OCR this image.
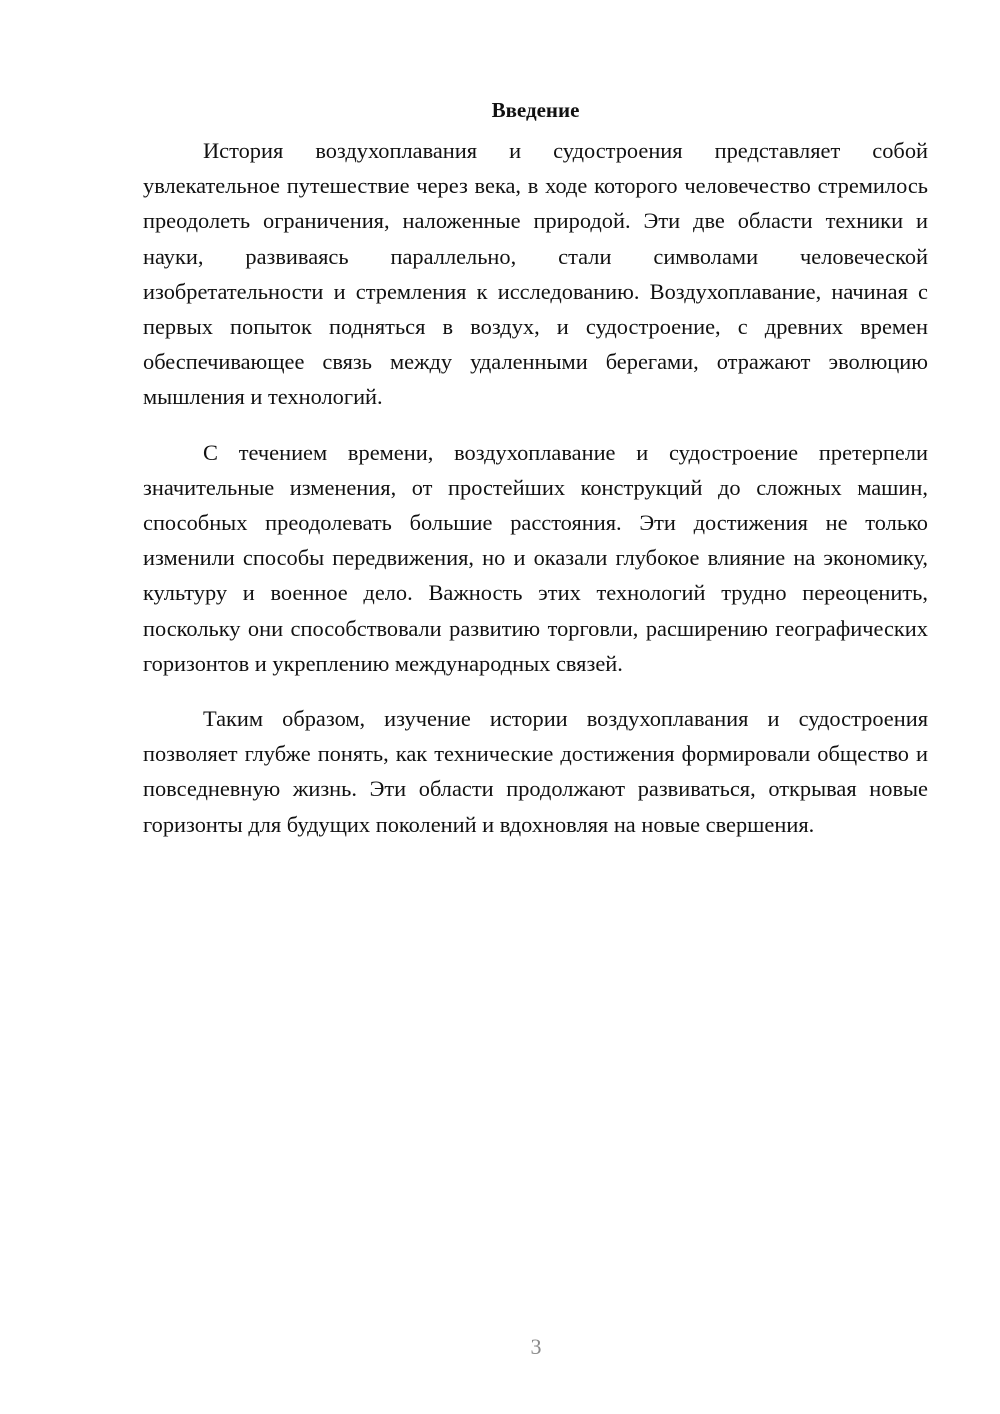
Введение

История воздухоплавания и судостроения представляет собой увлекательное путешествие через века, в ходе которого человечество стремилось преодолеть ограничения, наложенные природой. Эти две области техники и науки, развиваясь параллельно, стали символами человеческой изобретательности и стремления к исследованию. Воздухоплавание, начиная с первых попыток подняться в воздух, и судостроение, с древних времен обеспечивающее связь между удаленными берегами, отражают эволюцию мышления и технологий.

С течением времени, воздухоплавание и судостроение претерпели значительные изменения, от простейших конструкций до сложных машин, способных преодолевать большие расстояния. Эти достижения не только изменили способы передвижения, но и оказали глубокое влияние на экономику, культуру и военное дело. Важность этих технологий трудно переоценить, поскольку они способствовали развитию торговли, расширению географических горизонтов и укреплению международных связей.

Таким образом, изучение истории воздухоплавания и судостроения позволяет глубже понять, как технические достижения формировали общество и повседневную жизнь. Эти области продолжают развиваться, открывая новые горизонты для будущих поколений и вдохновляя на новые свершения.

3
